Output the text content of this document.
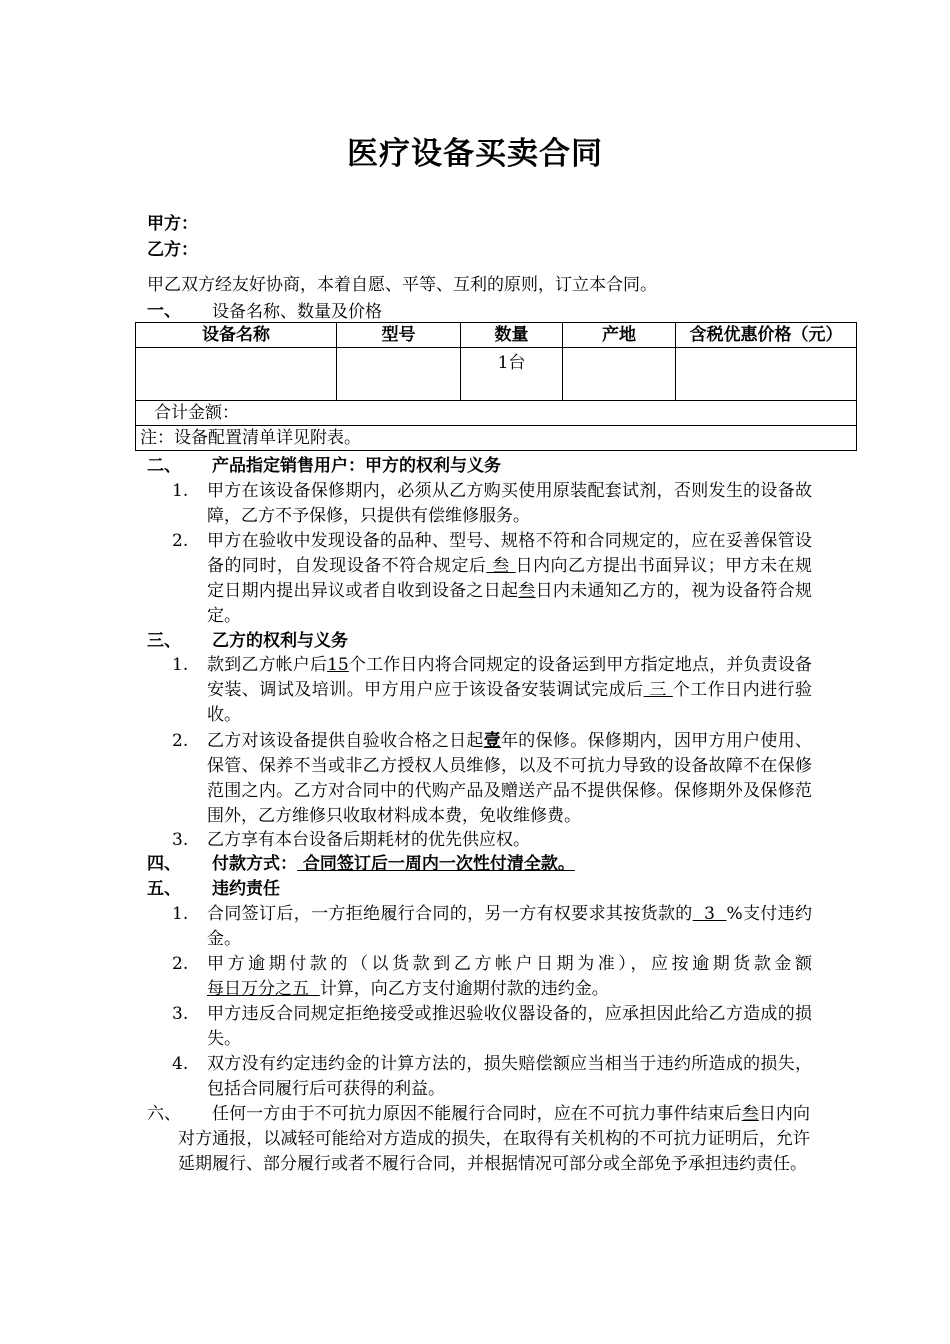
医疗设备买卖合同
甲方：
乙方：
甲乙双方经友好协商，本着自愿、平等、互利的原则，订立本合同。
一、 设备名称、数量及价格
设备名称	型号	数量	产地	含税优惠价格（元）
		1台		
合计金额：				
注：设备配置清单详见附表。				
二、 产品指定销售用户：甲方的权利与义务
1. 甲方在该设备保修期内，必须从乙方购买使用原装配套试剂，否则发生的设备故障，乙方不予保修，只提供有偿维修服务。
2. 甲方在验收中发现设备的品种、型号、规格不符和合同规定的，应在妥善保管设备的同时，自发现设备不符合规定后 叁 日内向乙方提出书面异议；甲方未在规定日期内提出异议或者自收到设备之日起叁日内未通知乙方的，视为设备符合规定。
三、 乙方的权利与义务
1. 款到乙方帐户后15个工作日内将合同规定的设备运到甲方指定地点，并负责设备安装、调试及培训。甲方用户应于该设备安装调试完成后 三 个工作日内进行验收。
2. 乙方对该设备提供自验收合格之日起壹年的保修。保修期内，因甲方用户使用、保管、保养不当或非乙方授权人员维修，以及不可抗力导致的设备故障不在保修范围之内。乙方对合同中的代购产品及赠送产品不提供保修。保修期外及保修范围外，乙方维修只收取材料成本费，免收维修费。
3. 乙方享有本台设备后期耗材的优先供应权。
四、 付款方式： 合同签订后一周内一次性付清全款。
五、 违约责任
1. 合同签订后，一方拒绝履行合同的，另一方有权要求其按货款的  3  %支付违约金。
2. 甲方逾期付款的（以货款到乙方帐户日期为准），应按逾期货款金额每日万分之五  计算，向乙方支付逾期付款的违约金。
3. 甲方违反合同规定拒绝接受或推迟验收仪器设备的，应承担因此给乙方造成的损失。
4. 双方没有约定违约金的计算方法的，损失赔偿额应当相当于违约所造成的损失，包括合同履行后可获得的利益。
六、	任何一方由于不可抗力原因不能履行合同时，应在不可抗力事件结束后叁日内向对方通报，以减轻可能给对方造成的损失，在取得有关机构的不可抗力证明后，允许延期履行、部分履行或者不履行合同，并根据情况可部分或全部免予承担违约责任。
